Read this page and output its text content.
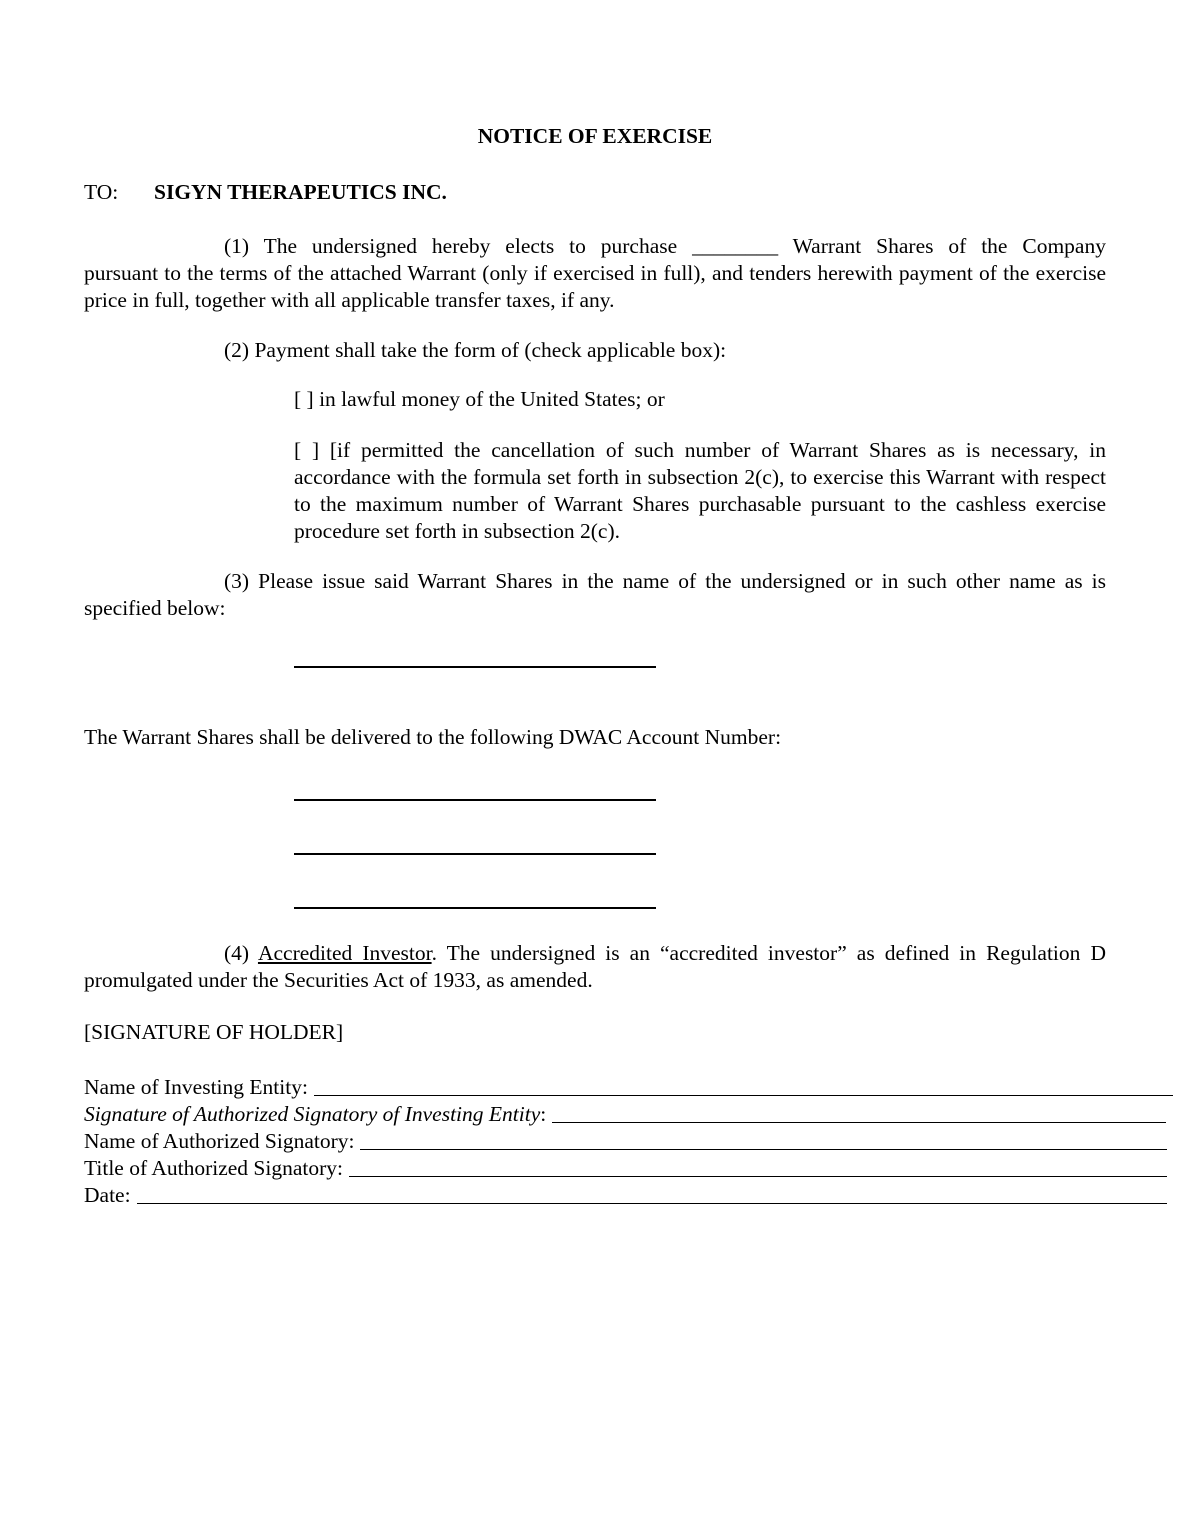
NOTICE OF EXERCISE
TO: SIGYN THERAPEUTICS INC.
(1) The undersigned hereby elects to purchase ________ Warrant Shares of the Company
pursuant to the terms of the attached Warrant (only if exercised in full), and tenders herewith payment of the exercise price in full, together with all applicable transfer taxes, if any.
(2) Payment shall take the form of (check applicable box):
[ ] in lawful money of the United States; or
[ ] [if permitted the cancellation of such number of Warrant Shares as is necessary, in accordance with the formula set forth in subsection 2(c), to exercise this Warrant with respect to the maximum number of Warrant Shares purchasable pursuant to the cashless exercise procedure set forth in subsection 2(c).
(3) Please issue said Warrant Shares in the name of the undersigned or in such other name as is specified below:
The Warrant Shares shall be delivered to the following DWAC Account Number:
(4) Accredited Investor. The undersigned is an “accredited investor” as defined in Regulation D promulgated under the Securities Act of 1933, as amended.
[SIGNATURE OF HOLDER]
Name of Investing Entity:
Signature of Authorized Signatory of Investing Entity:
Name of Authorized Signatory:
Title of Authorized Signatory:
Date:
